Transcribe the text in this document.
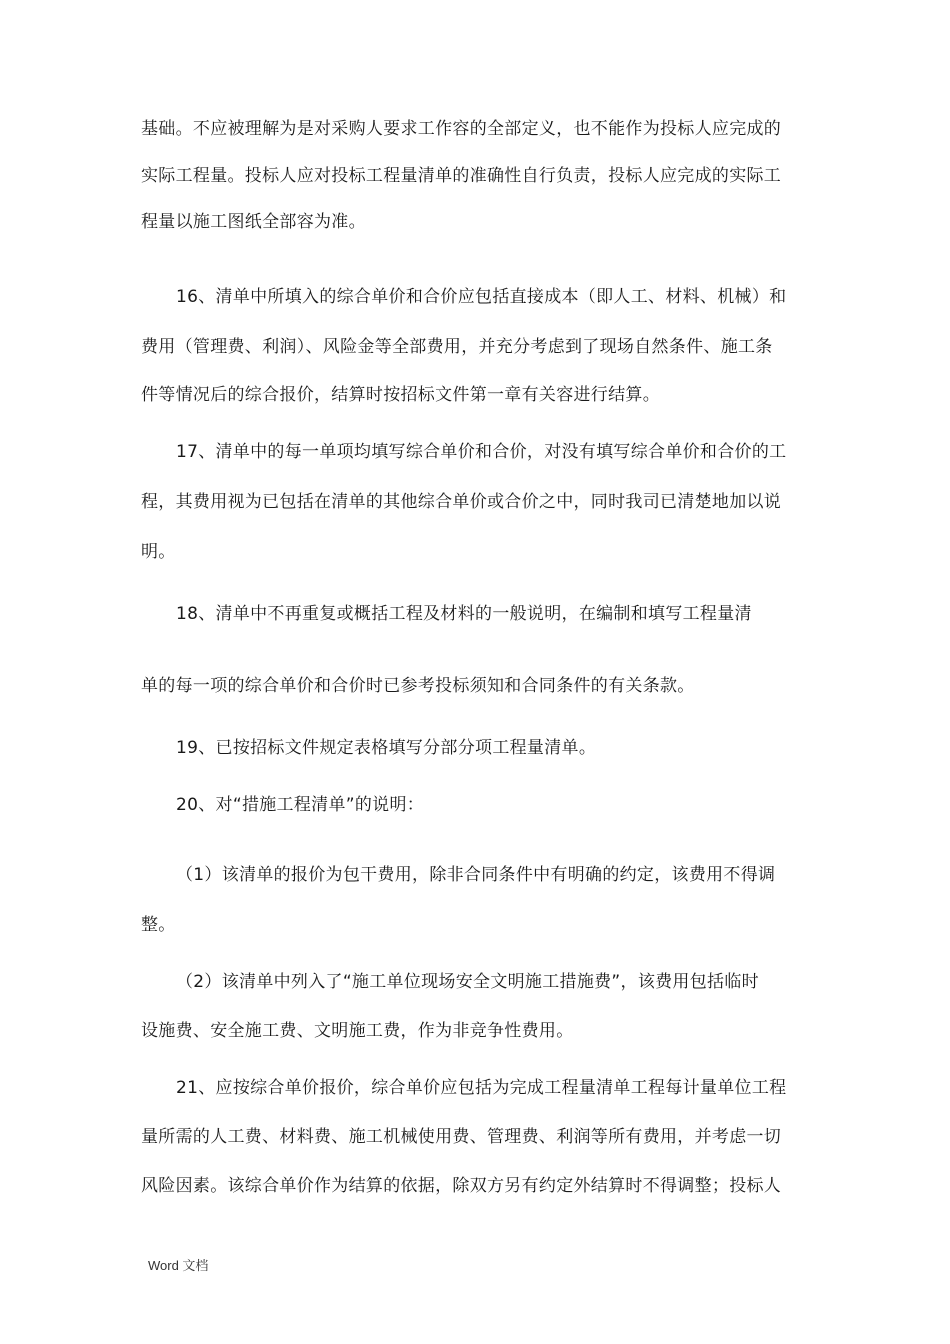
基础。不应被理解为是对采购人要求工作容的全部定义，也不能作为投标人应完成的
实际工程量。投标人应对投标工程量清单的准确性自行负责，投标人应完成的实际工
程量以施工图纸全部容为准。
16、清单中所填入的综合单价和合价应包括直接成本（即人工、材料、机械）和
费用（管理费、利润）、风险金等全部费用，并充分考虑到了现场自然条件、施工条
件等情况后的综合报价，结算时按招标文件第一章有关容进行结算。
17、清单中的每一单项均填写综合单价和合价，对没有填写综合单价和合价的工
程，其费用视为已包括在清单的其他综合单价或合价之中，同时我司已清楚地加以说
明。
18、清单中不再重复或概括工程及材料的一般说明，在编制和填写工程量清
单的每一项的综合单价和合价时已参考投标须知和合同条件的有关条款。
19、已按招标文件规定表格填写分部分项工程量清单。
20、对“措施工程清单”的说明：
（1）该清单的报价为包干费用，除非合同条件中有明确的约定，该费用不得调
整。
（2）该清单中列入了“施工单位现场安全文明施工措施费”，该费用包括临时
设施费、安全施工费、文明施工费，作为非竞争性费用。
21、应按综合单价报价，综合单价应包括为完成工程量清单工程每计量单位工程
量所需的人工费、材料费、施工机械使用费、管理费、利润等所有费用，并考虑一切
风险因素。该综合单价作为结算的依据，除双方另有约定外结算时不得调整；投标人
Word 文档
